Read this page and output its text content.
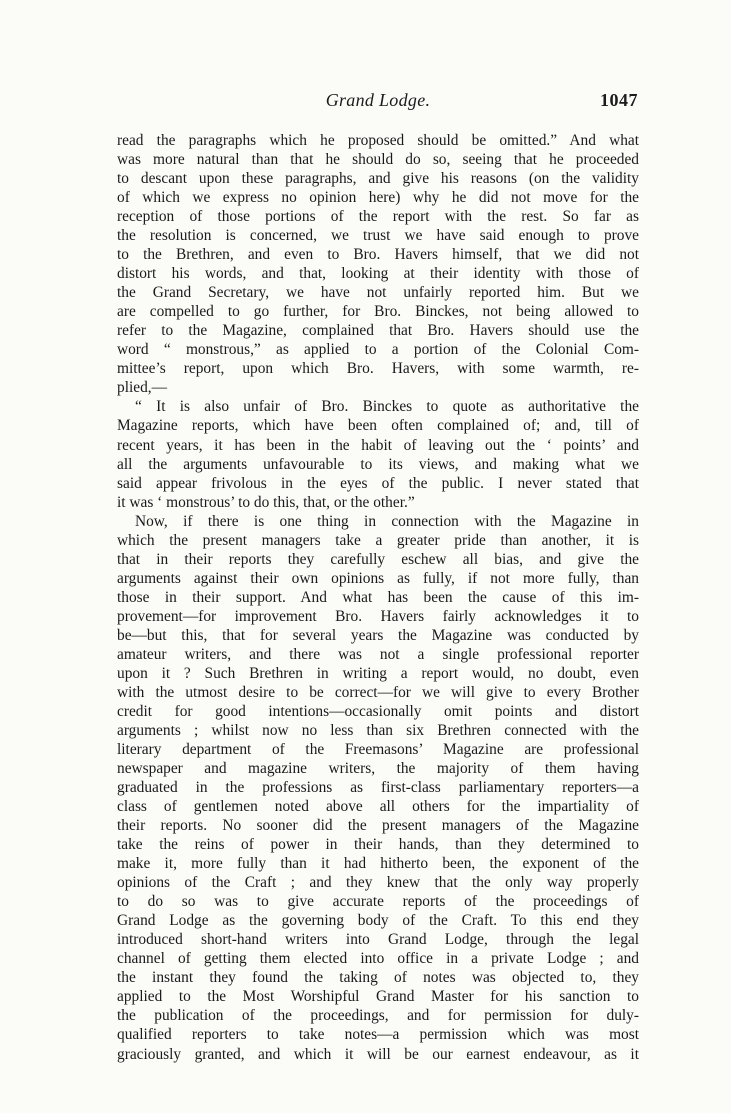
Grand Lodge.	1047
read the paragraphs which he proposed should be omitted.” And what
was more natural than that he should do so, seeing that he proceeded
to descant upon these paragraphs, and give his reasons (on the validity
of which we express no opinion here) why he did not move for the
reception of those portions of the report with the rest. So far as
the resolution is concerned, we trust we have said enough to prove
to the Brethren, and even to Bro. Havers himself, that we did not
distort his words, and that, looking at their identity with those of
the Grand Secretary, we have not unfairly reported him. But we
are compelled to go further, for Bro. Binckes, not being allowed to
refer to the Magazine, complained that Bro. Havers should use the
word “ monstrous,” as applied to a portion of the Colonial Com-
mittee’s report, upon which Bro. Havers, with some warmth, re-
plied,—
“ It is also unfair of Bro. Binckes to quote as authoritative the
Magazine reports, which have been often complained of; and, till of
recent years, it has been in the habit of leaving out the ‘ points’ and
all the arguments unfavourable to its views, and making what we
said appear frivolous in the eyes of the public. I never stated that
it was ‘ monstrous’ to do this, that, or the other.”
Now, if there is one thing in connection with the Magazine in
which the present managers take a greater pride than another, it is
that in their reports they carefully eschew all bias, and give the
arguments against their own opinions as fully, if not more fully, than
those in their support. And what has been the cause of this im-
provement—for improvement Bro. Havers fairly acknowledges it to
be—but this, that for several years the Magazine was conducted by
amateur writers, and there was not a single professional reporter
upon it ? Such Brethren in writing a report would, no doubt, even
with the utmost desire to be correct—for we will give to every Brother
credit for good intentions—occasionally omit points and distort
arguments ; whilst now no less than six Brethren connected with the
literary department of the Freemasons’ Magazine are professional
newspaper and magazine writers, the majority of them having
graduated in the professions as first-class parliamentary reporters—a
class of gentlemen noted above all others for the impartiality of
their reports. No sooner did the present managers of the Magazine
take the reins of power in their hands, than they determined to
make it, more fully than it had hitherto been, the exponent of the
opinions of the Craft ; and they knew that the only way properly
to do so was to give accurate reports of the proceedings of
Grand Lodge as the governing body of the Craft. To this end they
introduced short-hand writers into Grand Lodge, through the legal
channel of getting them elected into office in a private Lodge ; and
the instant they found the taking of notes was objected to, they
applied to the Most Worshipful Grand Master for his sanction to
the publication of the proceedings, and for permission for duly-
qualified reporters to take notes—a permission which was most
graciously granted, and which it will be our earnest endeavour, as it
